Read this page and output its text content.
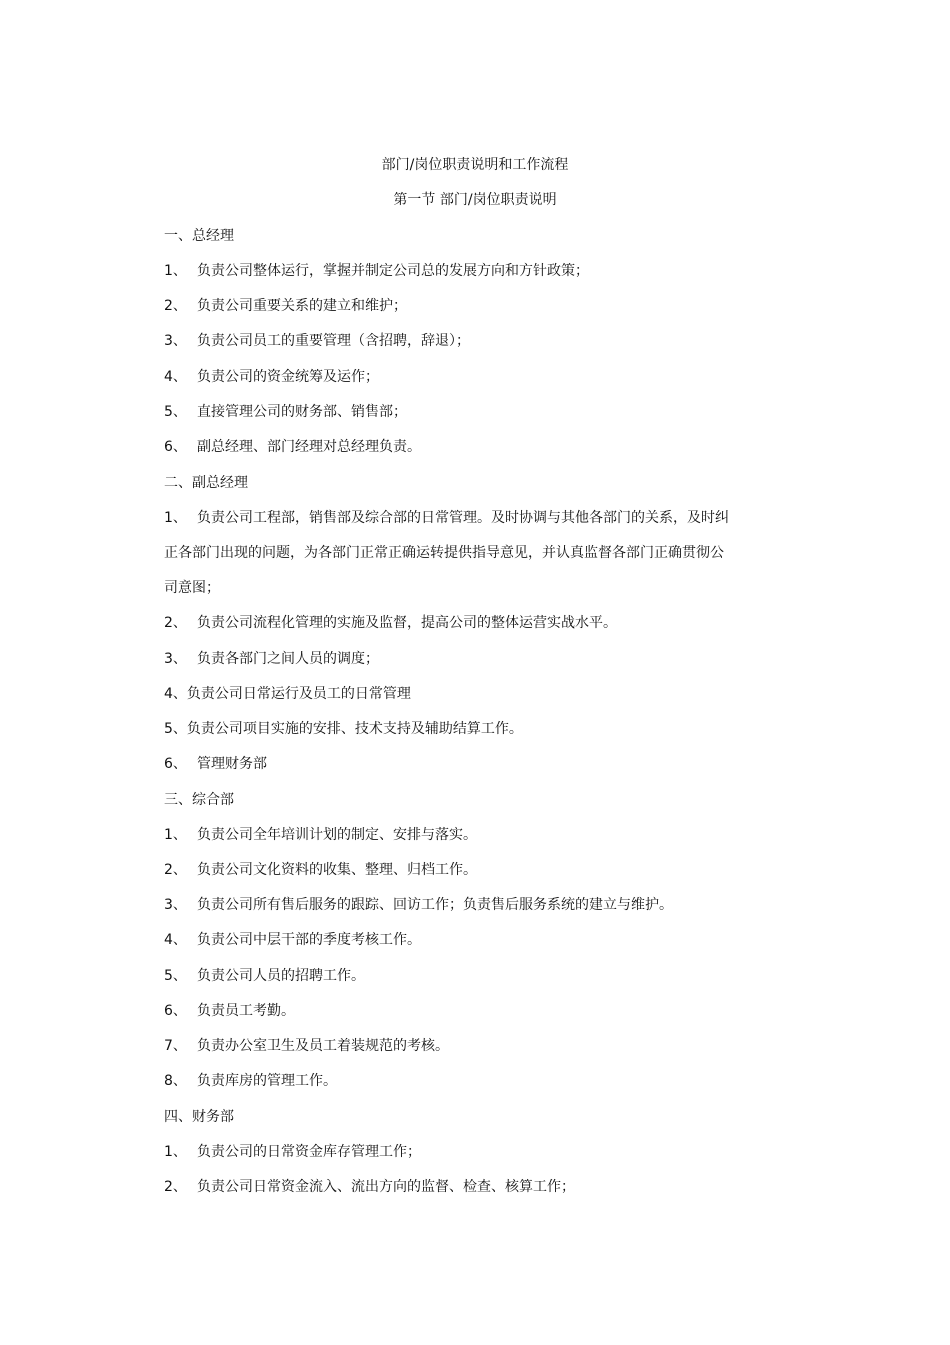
部门/岗位职责说明和工作流程
第一节 部门/岗位职责说明
一、总经理
1、 负责公司整体运行，掌握并制定公司总的发展方向和方针政策；
2、 负责公司重要关系的建立和维护；
3、 负责公司员工的重要管理（含招聘，辞退）；
4、 负责公司的资金统筹及运作；
5、 直接管理公司的财务部、销售部；
6、 副总经理、部门经理对总经理负责。
二、副总经理
1、 负责公司工程部，销售部及综合部的日常管理。及时协调与其他各部门的关系，及时纠
正各部门出现的问题，为各部门正常正确运转提供指导意见，并认真监督各部门正确贯彻公
司意图；
2、 负责公司流程化管理的实施及监督，提高公司的整体运营实战水平。
3、 负责各部门之间人员的调度；
4、负责公司日常运行及员工的日常管理
5、负责公司项目实施的安排、技术支持及辅助结算工作。
6、 管理财务部
三、综合部
1、 负责公司全年培训计划的制定、安排与落实。
2、 负责公司文化资料的收集、整理、归档工作。
3、 负责公司所有售后服务的跟踪、回访工作；负责售后服务系统的建立与维护。
4、 负责公司中层干部的季度考核工作。
5、 负责公司人员的招聘工作。
6、 负责员工考勤。
7、 负责办公室卫生及员工着装规范的考核。
8、 负责库房的管理工作。
四、财务部
1、 负责公司的日常资金库存管理工作；
2、 负责公司日常资金流入、流出方向的监督、检查、核算工作；
